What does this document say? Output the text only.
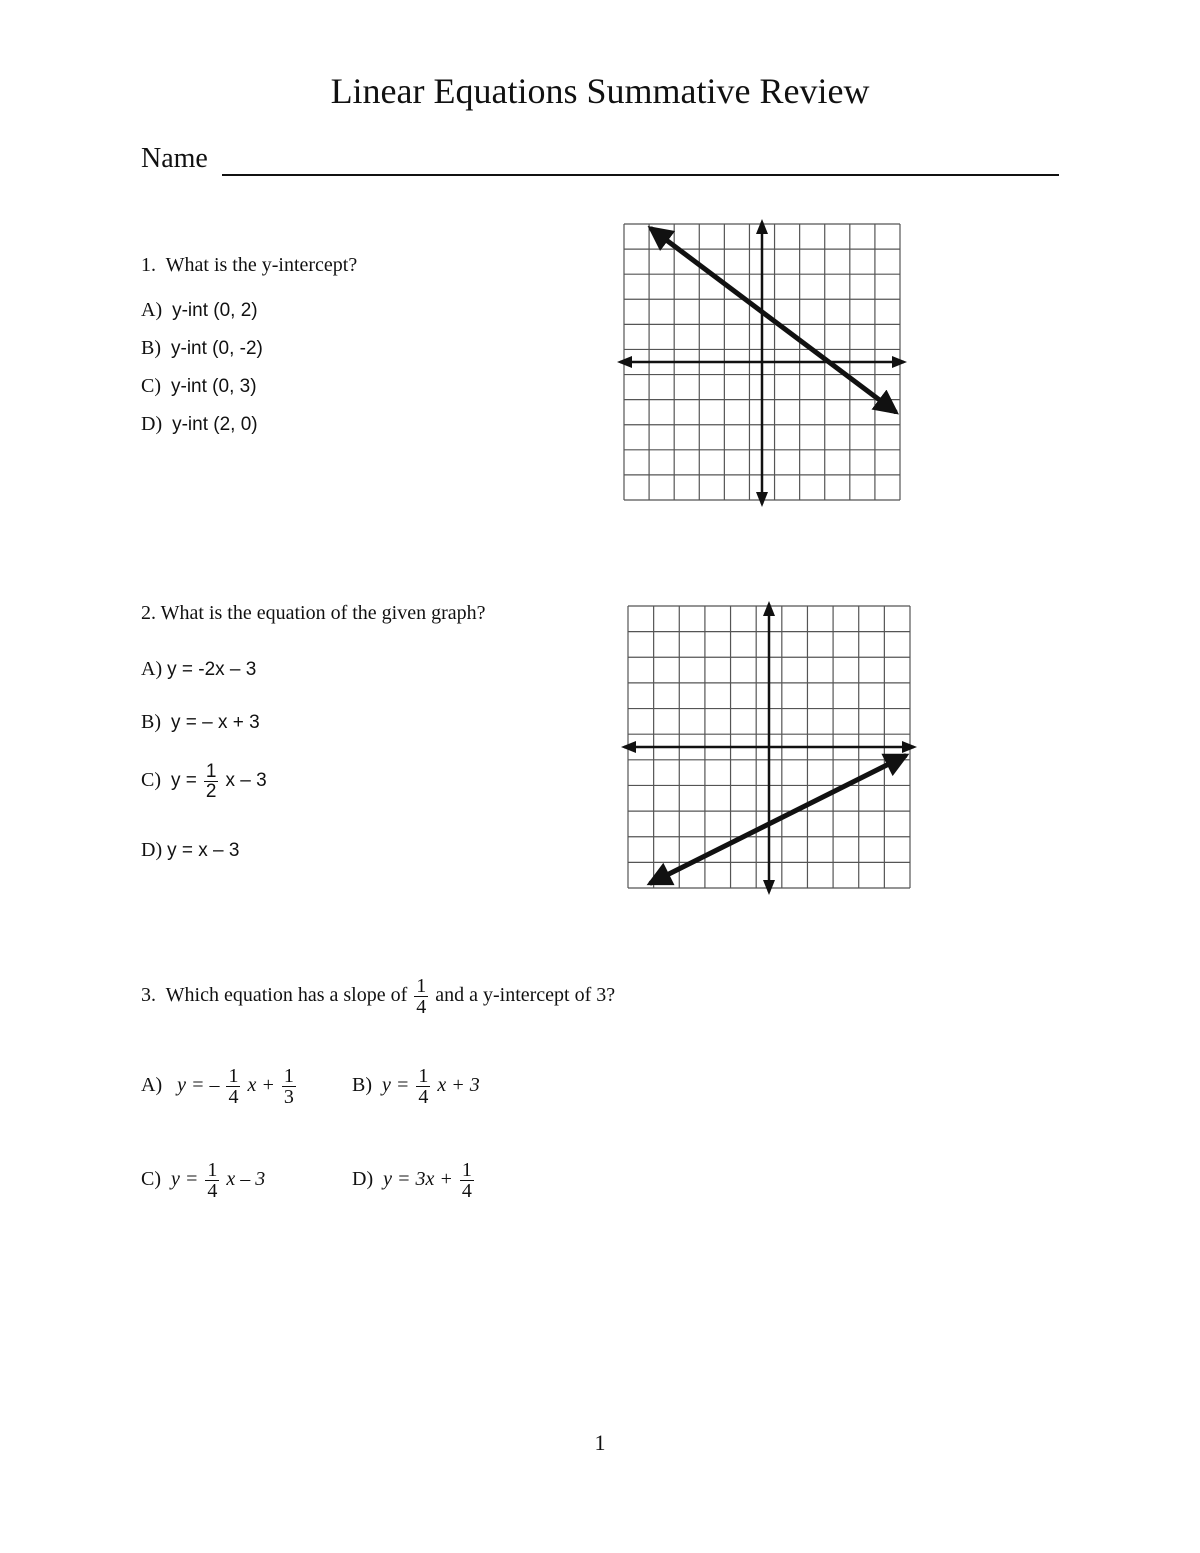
Linear Equations Summative Review
Name
1. What is the y-intercept?
A) y-int (0, 2)
B) y-int (0, -2)
C) y-int (0, 3)
D) y-int (2, 0)
2. What is the equation of the given graph?
A) y = -2x – 3
B) y = – x + 3
C) $y = \frac{1}{2}$ x – 3
D) y = x – 3
3. Which equation has a slope of $\frac{1}{4}$ and a y-intercept of 3?
A) y = – $\frac{1}{4}$ $x + \frac{1}{3}$	B) $y = \frac{1}{4}$ x + 3
C) $y = \frac{1}{4}$ x – 3	D) $y = 3x + \frac{1}{4}$
1
